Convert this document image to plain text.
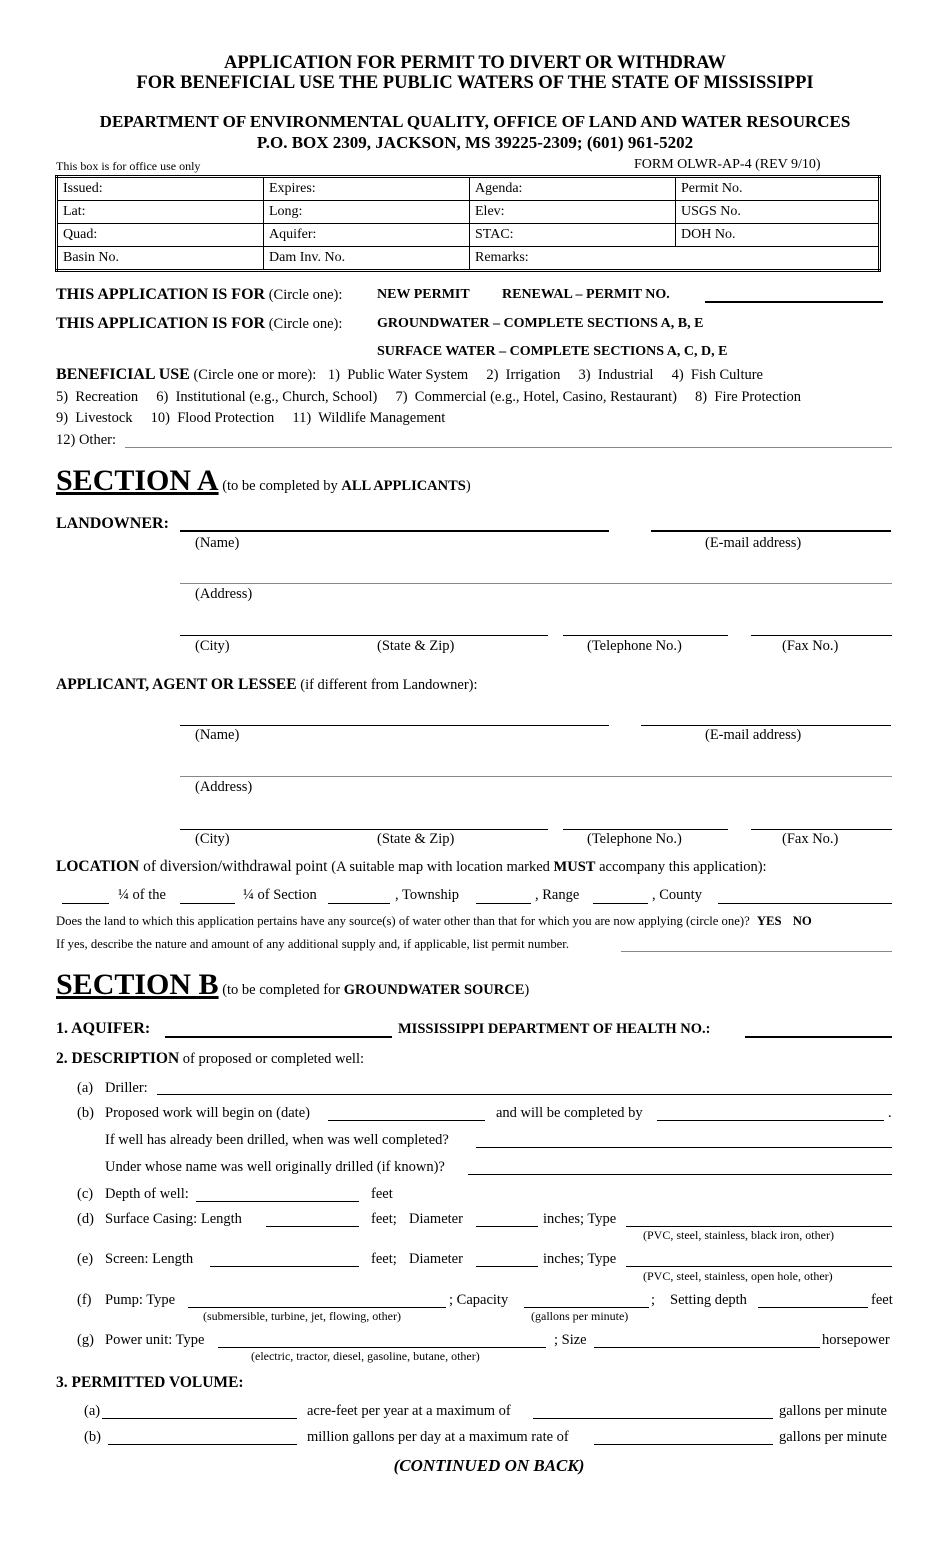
APPLICATION FOR PERMIT TO DIVERT OR WITHDRAW
FOR BENEFICIAL USE THE PUBLIC WATERS OF THE STATE OF MISSISSIPPI
DEPARTMENT OF ENVIRONMENTAL QUALITY, OFFICE OF LAND AND WATER RESOURCES
P.O. BOX 2309, JACKSON, MS 39225-2309; (601) 961-5202
This box is for office use only	FORM OLWR-AP-4 (REV 9/10)
Issued:	Expires:	Agenda:	Permit No.
Lat:	Long:	Elev:	USGS No.
Quad:	Aquifer:	STAC:	DOH No.
Basin No.	Dam Inv. No.	Remarks:	
THIS APPLICATION IS FOR (Circle one): NEW PERMIT RENEWAL – PERMIT NO.
THIS APPLICATION IS FOR (Circle one): GROUNDWATER – COMPLETE SECTIONS A, B, E
SURFACE WATER – COMPLETE SECTIONS A, C, D, E
BENEFICIAL USE (Circle one or more): 1)  Public Water System     2)  Irrigation     3)  Industrial     4)  Fish Culture
5)  Recreation     6)  Institutional (e.g., Church, School)     7)  Commercial (e.g., Hotel, Casino, Restaurant)     8)  Fire Protection
9)  Livestock     10)  Flood Protection     11)  Wildlife Management
12) Other:
SECTION A (to be completed by ALL APPLICANTS)
LANDOWNER:
(Name)	(E-mail address)
(Address)
(City)	(State & Zip)	(Telephone No.)	(Fax No.)
APPLICANT, AGENT OR LESSEE (if different from Landowner):
(Name)	(E-mail address)
(Address)
(City)	(State & Zip)	(Telephone No.)	(Fax No.)
LOCATION of diversion/withdrawal point (A suitable map with location marked MUST accompany this application):
¼ of the	¼ of Section	, Township	, Range	, County
Does the land to which this application pertains have any source(s) of water other than that for which you are now applying (circle one)? YES NO
If yes, describe the nature and amount of any additional supply and, if applicable, list permit number.
SECTION B (to be completed for GROUNDWATER SOURCE)
1. AQUIFER:	MISSISSIPPI DEPARTMENT OF HEALTH NO.:
2. DESCRIPTION of proposed or completed well:
(a) Driller:
(b) Proposed work will begin on (date)	and will be completed by	.
If well has already been drilled, when was well completed?
Under whose name was well originally drilled (if known)?
(c) Depth of well:	feet
(d) Surface Casing: Length	feet; Diameter	inches; Type
(PVC, steel, stainless, black iron, other)
(e) Screen: Length	feet; Diameter	inches; Type
(PVC, steel, stainless, open hole, other)
(f) Pump: Type	; Capacity	; Setting depth	feet
(submersible, turbine, jet, flowing, other)	(gallons per minute)
(g) Power unit: Type	; Size	horsepower
(electric, tractor, diesel, gasoline, butane, other)
3. PERMITTED VOLUME:
(a)	acre-feet per year at a maximum of	gallons per minute
(b)	million gallons per day at a maximum rate of	gallons per minute
(CONTINUED ON BACK)
